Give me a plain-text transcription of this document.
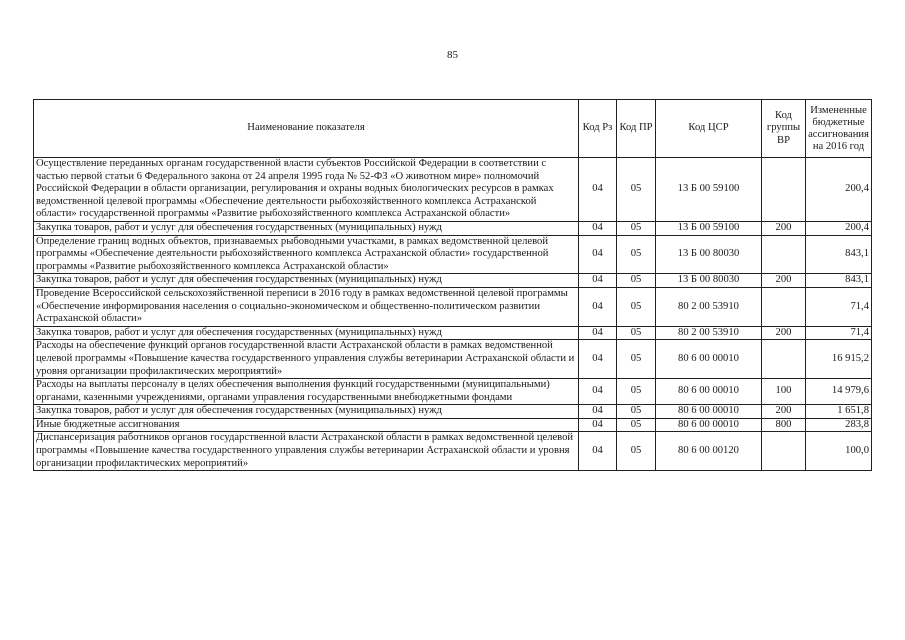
85
Наименование показателя	Код Рз	Код ПР	Код ЦСР	Код группы ВР	Измененные бюджетные ассигнования на 2016 год
Осуществление переданных органам государственной власти субъектов Российской Федерации в соответствии с частью первой статьи 6 Федерального закона от 24 апреля 1995 года № 52-ФЗ «О животном мире» полномочий Российской Федерации в области организации, регулирования и охраны водных биологических ресурсов в рамках ведомственной целевой программы «Обеспечение деятельности рыбохозяйственного комплекса Астраханской области» государственной программы «Развитие рыбохозяйственного комплекса Астраханской области»	04	05	13 Б 00 59100		200,4
Закупка товаров, работ и услуг для обеспечения государственных (муниципальных) нужд	04	05	13 Б 00 59100	200	200,4
Определение границ водных объектов, признаваемых рыбоводными участками, в рамках ведомственной целевой программы «Обеспечение деятельности рыбохозяйственного комплекса Астраханской области» государственной программы «Развитие рыбохозяйственного комплекса Астраханской области»	04	05	13 Б 00 80030		843,1
Закупка товаров, работ и услуг для обеспечения государственных (муниципальных) нужд	04	05	13 Б 00 80030	200	843,1
Проведение Всероссийской сельскохозяйственной переписи в 2016 году в рамках ведомственной целевой программы «Обеспечение информирования населения о социально-экономическом и общественно-политическом развитии Астраханской области»	04	05	80 2 00 53910		71,4
Закупка товаров, работ и услуг для обеспечения государственных (муниципальных) нужд	04	05	80 2 00 53910	200	71,4
Расходы на обеспечение функций органов государственной власти Астраханской области в рамках ведомственной целевой программы «Повышение качества государственного управления службы ветеринарии Астраханской области и уровня организации профилактических мероприятий»	04	05	80 6 00 00010		16 915,2
Расходы на выплаты персоналу в целях обеспечения выполнения функций государственными (муниципальными) органами, казенными учреждениями, органами управления государственными внебюджетными фондами	04	05	80 6 00 00010	100	14 979,6
Закупка товаров, работ и услуг для обеспечения государственных (муниципальных) нужд	04	05	80 6 00 00010	200	1 651,8
Иные бюджетные ассигнования	04	05	80 6 00 00010	800	283,8
Диспансеризация работников органов государственной власти Астраханской области в рамках ведомственной целевой программы «Повышение качества государственного управления службы ветеринарии Астраханской области и уровня организации профилактических мероприятий»	04	05	80 6 00 00120		100,0
